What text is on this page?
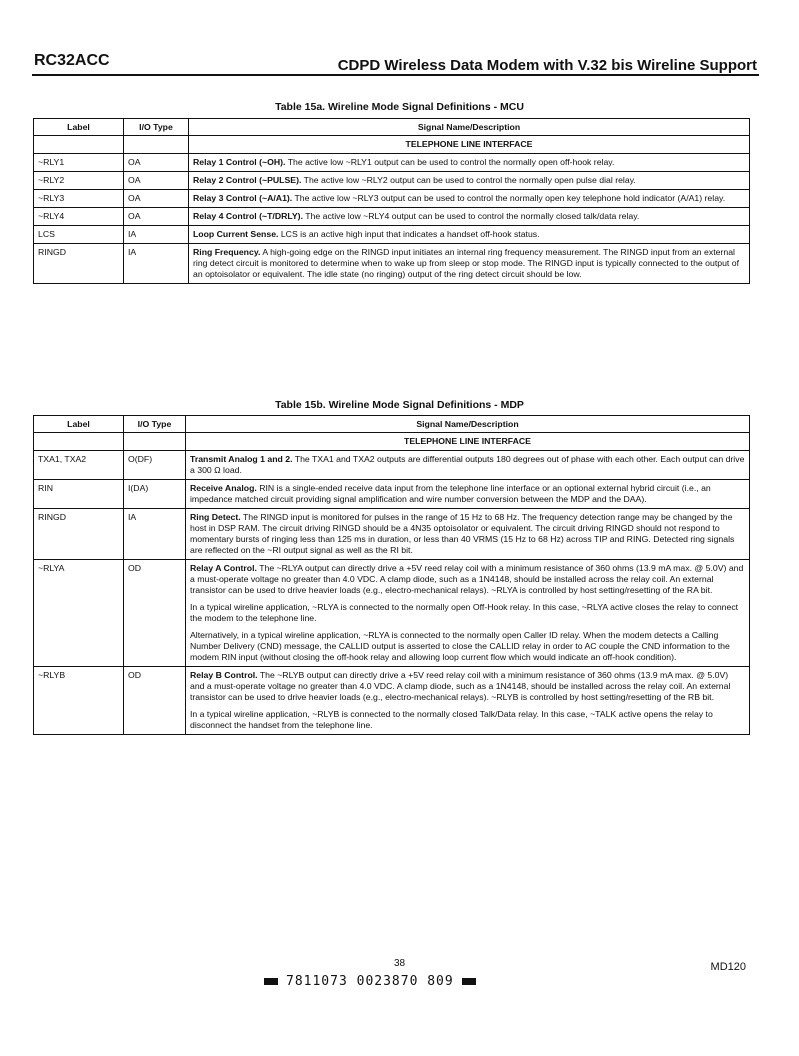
RC32ACC	CDPD Wireless Data Modem with V.32 bis Wireline Support
Table 15a. Wireline Mode Signal Definitions - MCU
Label	I/O Type	Signal Name/Description
		TELEPHONE LINE INTERFACE
~RLY1	OA	Relay 1 Control (~OH). The active low ~RLY1 output can be used to control the normally open off-hook relay.
~RLY2	OA	Relay 2 Control (~PULSE). The active low ~RLY2 output can be used to control the normally open pulse dial relay.
~RLY3	OA	Relay 3 Control (~A/A1). The active low ~RLY3 output can be used to control the normally open key telephone hold indicator (A/A1) relay.
~RLY4	OA	Relay 4 Control (~T/DRLY). The active low ~RLY4 output can be used to control the normally closed talk/data relay.
LCS	IA	Loop Current Sense. LCS is an active high input that indicates a handset off-hook status.
RINGD	IA	Ring Frequency. A high-going edge on the RINGD input initiates an internal ring frequency measurement. The RINGD input from an external ring detect circuit is monitored to determine when to wake up from sleep or stop mode. The RINGD input is typically connected to the output of an optoisolator or equivalent. The idle state (no ringing) output of the ring detect circuit should be low.
Table 15b. Wireline Mode Signal Definitions - MDP
Label	I/O Type	Signal Name/Description
		TELEPHONE LINE INTERFACE
TXA1, TXA2	O(DF)	Transmit Analog 1 and 2. The TXA1 and TXA2 outputs are differential outputs 180 degrees out of phase with each other. Each output can drive a 300 Ω load.
RIN	I(DA)	Receive Analog. RIN is a single-ended receive data input from the telephone line interface or an optional external hybrid circuit (i.e., an impedance matched circuit providing signal amplification and wire number conversion between the MDP and the DAA).
RINGD	IA	Ring Detect. The RINGD input is monitored for pulses in the range of 15 Hz to 68 Hz. The frequency detection range may be changed by the host in DSP RAM. The circuit driving RINGD should be a 4N35 optoisolator or equivalent. The circuit driving RINGD should not respond to momentary bursts of ringing less than 125 ms in duration, or less than 40 VRMS (15 Hz to 68 Hz) across TIP and RING. Detected ring signals are reflected on the ~RI output signal as well as the RI bit.
~RLYA	OD	Relay A Control. The ~RLYA output can directly drive a +5V reed relay coil with a minimum resistance of 360 ohms (13.9 mA max. @ 5.0V) and a must-operate voltage no greater than 4.0 VDC. A clamp diode, such as a 1N4148, should be installed across the relay coil. An external transistor can be used to drive heavier loads (e.g., electro-mechanical relays). ~RLYA is controlled by host setting/resetting of the RA bit.

In a typical wireline application, ~RLYA is connected to the normally open Off-Hook relay. In this case, ~RLYA active closes the relay to connect the modem to the telephone line.

Alternatively, in a typical wireline application, ~RLYA is connected to the normally open Caller ID relay. When the modem detects a Calling Number Delivery (CND) message, the CALLID output is asserted to close the CALLID relay in order to AC couple the CND information to the modem RIN input (without closing the off-hook relay and allowing loop current flow which would indicate an off-hook condition).

~RLYB	OD	Relay B Control. The ~RLYB output can directly drive a +5V reed relay coil with a minimum resistance of 360 ohms (13.9 mA max. @ 5.0V) and a must-operate voltage no greater than 4.0 VDC. A clamp diode, such as a 1N4148, should be installed across the relay coil. An external transistor can be used to drive heavier loads (e.g., electro-mechanical relays). ~RLYB is controlled by host setting/resetting of the RB bit.

In a typical wireline application, ~RLYB is connected to the normally closed Talk/Data relay. In this case, ~TALK active opens the relay to disconnect the handset from the telephone line.

38	MD120
7811073 0023870 809
